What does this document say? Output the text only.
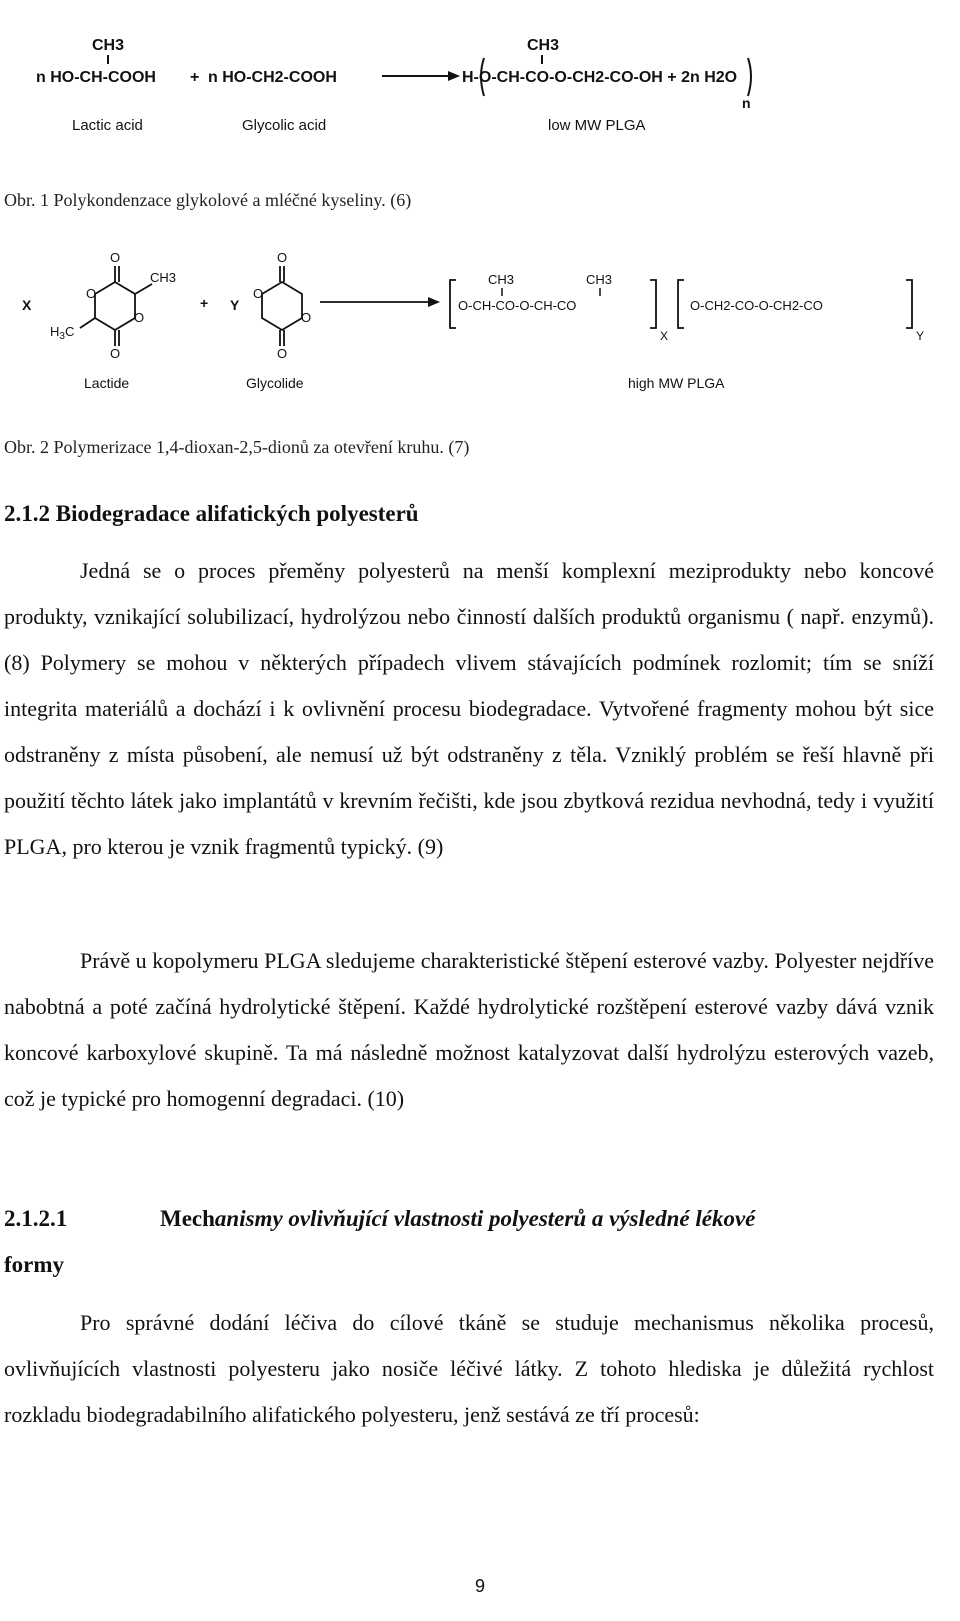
CH3
n HO-CH-COOH + n HO-CH2-COOH
CH3
H-O-CH-CO-O-CH2-CO-OH + 2n H2O
n
Lactic acid	Glycolic acid	low MW PLGA
Obr. 1 Polykondenzace glykolové a mléčné kyseliny. (6)
X
O
O
O
O
CH3
$H_3C$
Lactide
+ Y
O
O
O
O
Glycolide
CH3	CH3
O-CH-CO-O-CH-CO
X
O-CH2-CO-O-CH2-CO
Y
high MW PLGA
Obr. 2 Polymerizace 1,4-dioxan-2,5-dionů za otevření kruhu. (7)
2.1.2 Biodegradace alifatických polyesterů

Jedná se o proces přeměny polyesterů na menší komplexní meziprodukty nebo koncové produkty, vznikající solubilizací, hydrolýzou nebo činností dalších produktů organismu ( např. enzymů). (8) Polymery se mohou v některých případech vlivem stávajících podmínek rozlomit; tím se sníží integrita materiálů a dochází i k ovlivnění procesu biodegradace. Vytvořené fragmenty mohou být sice odstraněny z místa působení, ale nemusí už být odstraněny z těla. Vzniklý problém se řeší hlavně při použití těchto látek jako implantátů v krevním řečišti, kde jsou zbytková rezidua nevhodná, tedy i využití PLGA, pro kterou je vznik fragmentů typický. (9)

Právě u kopolymeru PLGA sledujeme charakteristické štěpení esterové vazby. Polyester nejdříve nabobtná a poté začíná hydrolytické štěpení. Každé hydrolytické rozštěpení esterové vazby dává vznik koncové karboxylové skupině. Ta má následně možnost katalyzovat další hydrolýzu esterových vazeb, což je typické pro homogenní degradaci. (10)

2.1.2.1	Mechanismy ovlivňující vlastnosti polyesterů a výsledné lékové
formy

Pro správné dodání léčiva do cílové tkáně se studuje mechanismus několika procesů, ovlivňujících vlastnosti polyesteru jako nosiče léčivé látky. Z tohoto hlediska je důležitá rychlost rozkladu biodegradabilního alifatického polyesteru, jenž sestává ze tří procesů:

9
